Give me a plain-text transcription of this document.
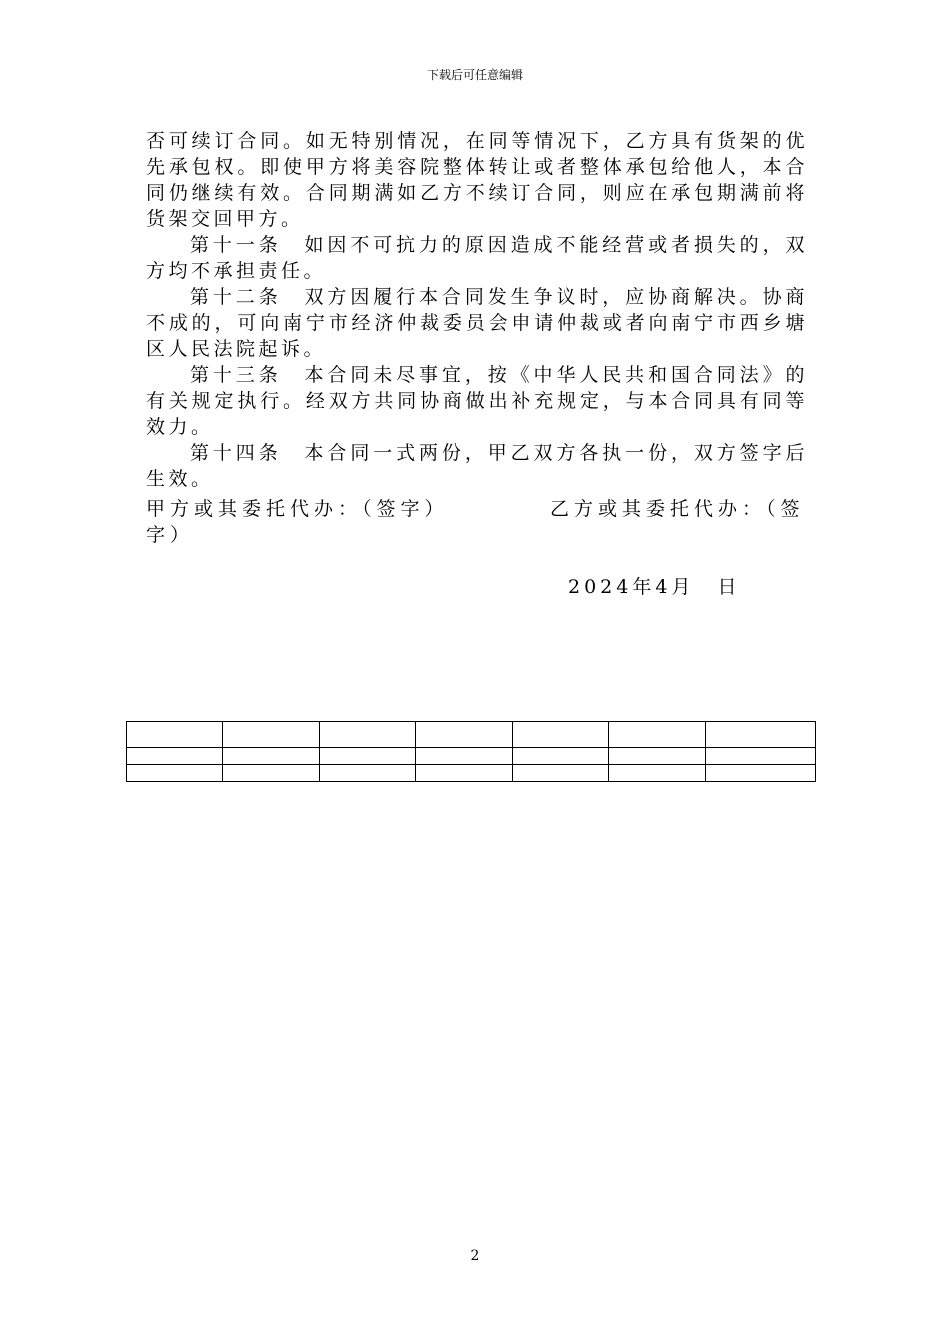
下载后可任意编辑

否可续订合同。如无特别情况，在同等情况下，乙方具有货架的优先承包权。即使甲方将美容院整体转让或者整体承包给他人，本合同仍继续有效。合同期满如乙方不续订合同，则应在承包期满前将货架交回甲方。

第十一条　如因不可抗力的原因造成不能经营或者损失的，双方均不承担责任。

第十二条　双方因履行本合同发生争议时，应协商解决。协商不成的，可向南宁市经济仲裁委员会申请仲裁或者向南宁市西乡塘区人民法院起诉。

第十三条　本合同未尽事宜，按《中华人民共和国合同法》的有关规定执行。经双方共同协商做出补充规定，与本合同具有同等效力。

第十四条　本合同一式两份，甲乙双方各执一份，双方签字后生效。

甲方或其委托代办：（签字）	乙方或其委托代办：（签
字）
2024年4月　日

2
